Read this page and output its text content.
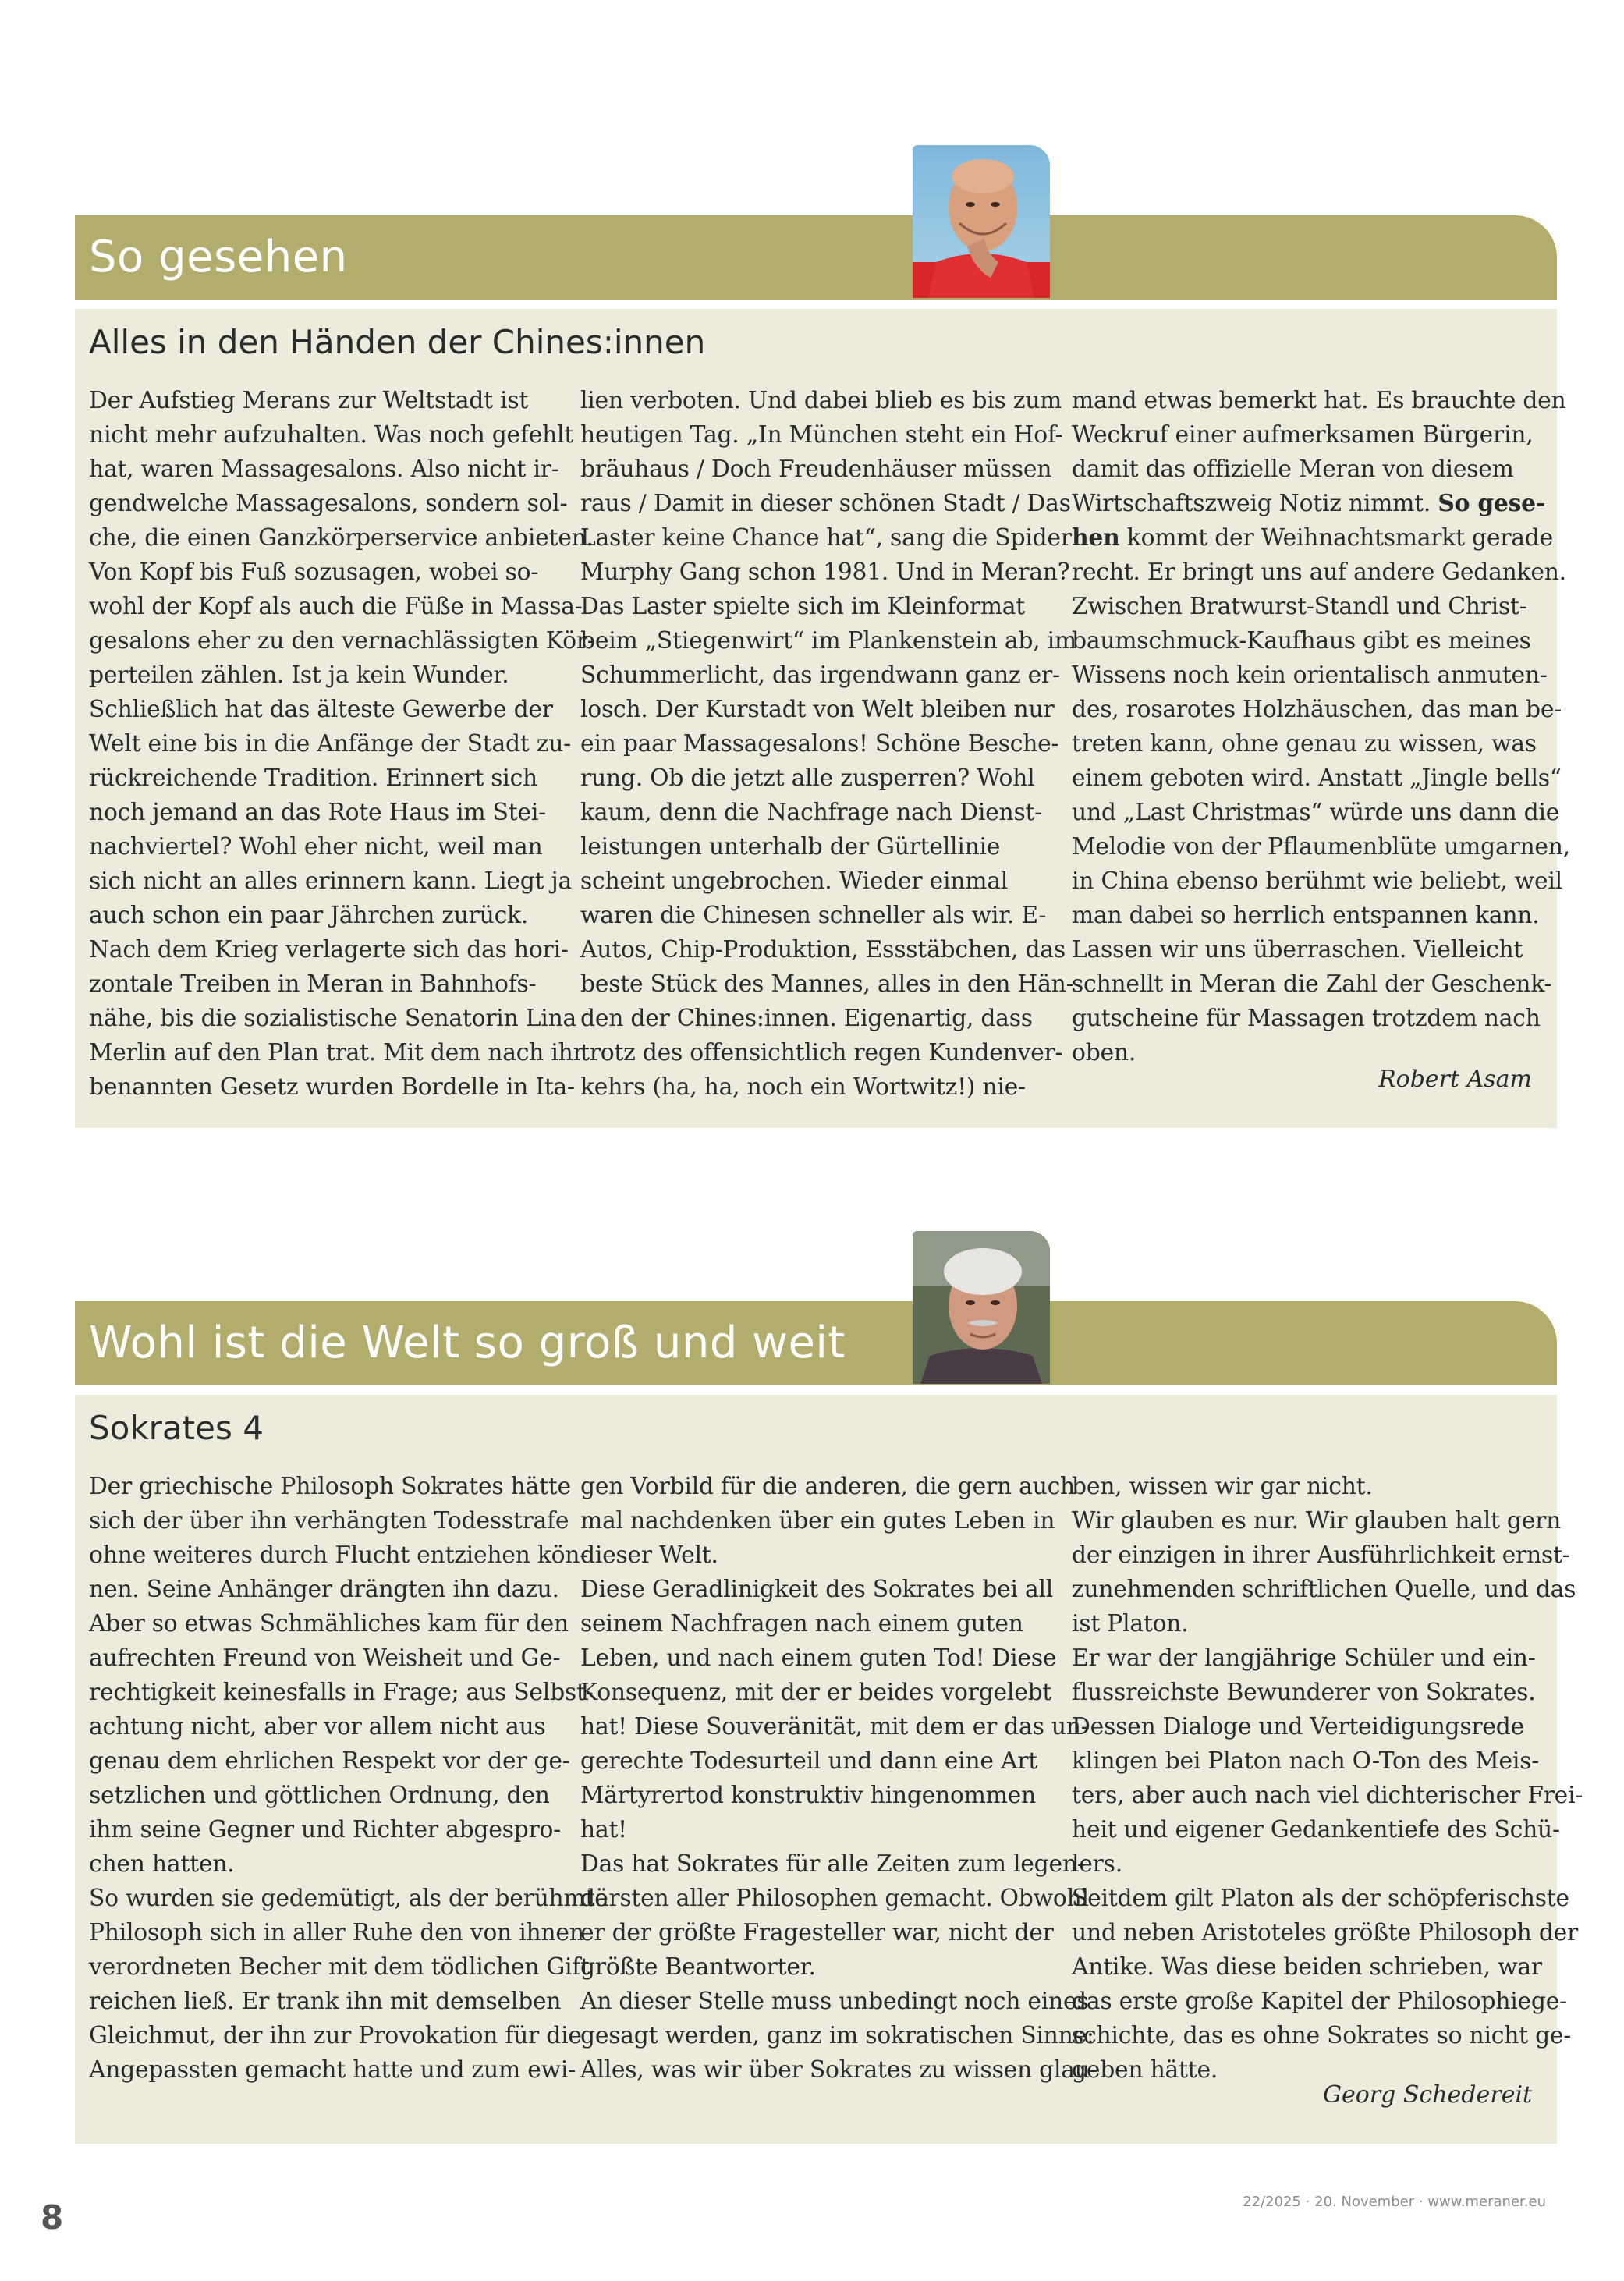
So gesehen
Alles in den Händen der Chines:innen
Der Aufstieg Merans zur Weltstadt ist
nicht mehr aufzuhalten. Was noch gefehlt
hat, waren Massagesalons. Also nicht ir-
gendwelche Massagesalons, sondern sol-
che, die einen Ganzkörperservice anbieten.
Von Kopf bis Fuß sozusagen, wobei so-
wohl der Kopf als auch die Füße in Massa-
gesalons eher zu den vernachlässigten Kör-
perteilen zählen. Ist ja kein Wunder.
Schließlich hat das älteste Gewerbe der
Welt eine bis in die Anfänge der Stadt zu-
rückreichende Tradition. Erinnert sich
noch jemand an das Rote Haus im Stei-
nachviertel? Wohl eher nicht, weil man
sich nicht an alles erinnern kann. Liegt ja
auch schon ein paar Jährchen zurück.
Nach dem Krieg verlagerte sich das hori-
zontale Treiben in Meran in Bahnhofs-
nähe, bis die sozialistische Senatorin Lina
Merlin auf den Plan trat. Mit dem nach ihr
benannten Gesetz wurden Bordelle in Ita-
lien verboten. Und dabei blieb es bis zum
heutigen Tag. „In München steht ein Hof-
bräuhaus / Doch Freudenhäuser müssen
raus / Damit in dieser schönen Stadt / Das
Laster keine Chance hat“, sang die Spider
Murphy Gang schon 1981. Und in Meran?
Das Laster spielte sich im Kleinformat
beim „Stiegenwirt“ im Plankenstein ab, im
Schummerlicht, das irgendwann ganz er-
losch. Der Kurstadt von Welt bleiben nur
ein paar Massagesalons! Schöne Besche-
rung. Ob die jetzt alle zusperren? Wohl
kaum, denn die Nachfrage nach Dienst-
leistungen unterhalb der Gürtellinie
scheint ungebrochen. Wieder einmal
waren die Chinesen schneller als wir. E-
Autos, Chip-Produktion, Essstäbchen, das
beste Stück des Mannes, alles in den Hän-
den der Chines:innen. Eigenartig, dass
trotz des offensichtlich regen Kundenver-
kehrs (ha, ha, noch ein Wortwitz!) nie-
mand etwas bemerkt hat. Es brauchte den
Weckruf einer aufmerksamen Bürgerin,
damit das offizielle Meran von diesem
Wirtschaftszweig Notiz nimmt. So gese-
hen kommt der Weihnachtsmarkt gerade
recht. Er bringt uns auf andere Gedanken.
Zwischen Bratwurst-Standl und Christ-
baumschmuck-Kaufhaus gibt es meines
Wissens noch kein orientalisch anmuten-
des, rosarotes Holzhäuschen, das man be-
treten kann, ohne genau zu wissen, was
einem geboten wird. Anstatt „Jingle bells“
und „Last Christmas“ würde uns dann die
Melodie von der Pflaumenblüte umgarnen,
in China ebenso berühmt wie beliebt, weil
man dabei so herrlich entspannen kann.
Lassen wir uns überraschen. Vielleicht
schnellt in Meran die Zahl der Geschenk-
gutscheine für Massagen trotzdem nach
oben.
Robert Asam
Wohl ist die Welt so groß und weit
Sokrates 4
Der griechische Philosoph Sokrates hätte
sich der über ihn verhängten Todesstrafe
ohne weiteres durch Flucht entziehen kön-
nen. Seine Anhänger drängten ihn dazu.
Aber so etwas Schmähliches kam für den
aufrechten Freund von Weisheit und Ge-
rechtigkeit keinesfalls in Frage; aus Selbst-
achtung nicht, aber vor allem nicht aus
genau dem ehrlichen Respekt vor der ge-
setzlichen und göttlichen Ordnung, den
ihm seine Gegner und Richter abgespro-
chen hatten.
So wurden sie gedemütigt, als der berühmte
Philosoph sich in aller Ruhe den von ihnen
verordneten Becher mit dem tödlichen Gift
reichen ließ. Er trank ihn mit demselben
Gleichmut, der ihn zur Provokation für die
Angepassten gemacht hatte und zum ewi-
gen Vorbild für die anderen, die gern auch
mal nachdenken über ein gutes Leben in
dieser Welt.
Diese Geradlinigkeit des Sokrates bei all
seinem Nachfragen nach einem guten
Leben, und nach einem guten Tod! Diese
Konsequenz, mit der er beides vorgelebt
hat! Diese Souveränität, mit dem er das un-
gerechte Todesurteil und dann eine Art
Märtyrertod konstruktiv hingenommen
hat!
Das hat Sokrates für alle Zeiten zum legen-
därsten aller Philosophen gemacht. Obwohl
er der größte Fragesteller war, nicht der
größte Beantworter.
An dieser Stelle muss unbedingt noch eines
gesagt werden, ganz im sokratischen Sinne:
Alles, was wir über Sokrates zu wissen glau-
ben, wissen wir gar nicht.
Wir glauben es nur. Wir glauben halt gern
der einzigen in ihrer Ausführlichkeit ernst-
zunehmenden schriftlichen Quelle, und das
ist Platon.
Er war der langjährige Schüler und ein-
flussreichste Bewunderer von Sokrates.
Dessen Dialoge und Verteidigungsrede
klingen bei Platon nach O-Ton des Meis-
ters, aber auch nach viel dichterischer Frei-
heit und eigener Gedankentiefe des Schü-
lers.
Seitdem gilt Platon als der schöpferischste
und neben Aristoteles größte Philosoph der
Antike. Was diese beiden schrieben, war
das erste große Kapitel der Philosophiege-
schichte, das es ohne Sokrates so nicht ge-
geben hätte.
Georg Schedereit
8	22/2025 · 20. November · www.meraner.eu
